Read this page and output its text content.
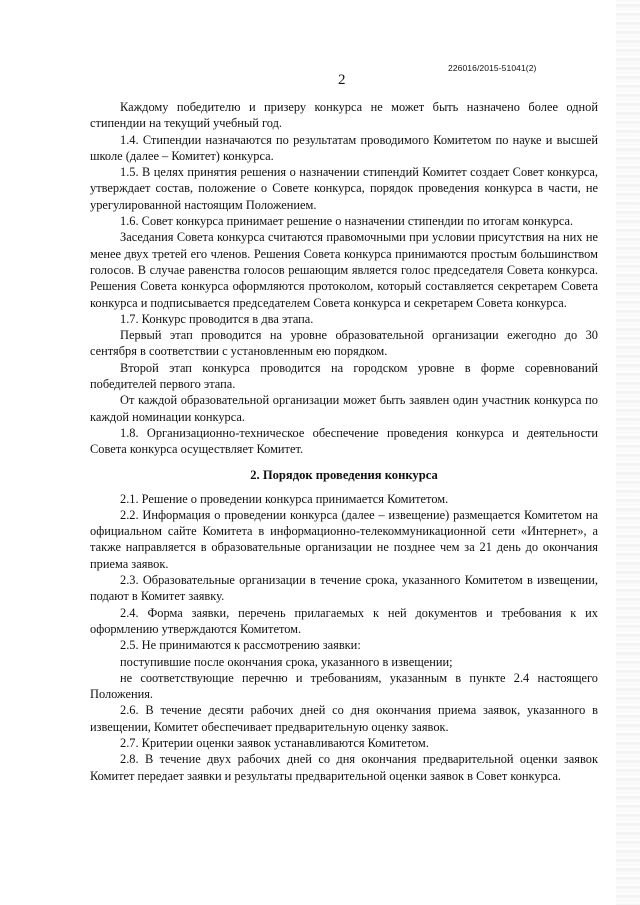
226016/2015-51041(2)
2

Каждому победителю и призеру конкурса не может быть назначено более одной стипендии на текущий учебный год.

1.4. Стипендии назначаются по результатам проводимого Комитетом по науке и высшей школе (далее – Комитет) конкурса.

1.5. В целях принятия решения о назначении стипендий Комитет создает Совет конкурса, утверждает состав, положение о Совете конкурса, порядок проведения конкурса в части, не урегулированной настоящим Положением.

1.6. Совет конкурса принимает решение о назначении стипендии по итогам конкурса.

Заседания Совета конкурса считаются правомочными при условии присутствия на них не менее двух третей его членов. Решения Совета конкурса принимаются простым большинством голосов. В случае равенства голосов решающим является голос председателя Совета конкурса. Решения Совета конкурса оформляются протоколом, который составляется секретарем Совета конкурса и подписывается председателем Совета конкурса и секретарем Совета конкурса.

1.7. Конкурс проводится в два этапа.

Первый этап проводится на уровне образовательной организации ежегодно до 30 сентября в соответствии с установленным ею порядком.

Второй этап конкурса проводится на городском уровне в форме соревнований победителей первого этапа.

От каждой образовательной организации может быть заявлен один участник конкурса по каждой номинации конкурса.

1.8. Организационно-техническое обеспечение проведения конкурса и деятельности Совета конкурса осуществляет Комитет.

2. Порядок проведения конкурса

2.1. Решение о проведении конкурса принимается Комитетом.

2.2. Информация о проведении конкурса (далее – извещение) размещается Комитетом на официальном сайте Комитета в информационно-телекоммуникационной сети «Интернет», а также направляется в образовательные организации не позднее чем за 21 день до окончания приема заявок.

2.3. Образовательные организации в течение срока, указанного Комитетом в извещении, подают в Комитет заявку.

2.4. Форма заявки, перечень прилагаемых к ней документов и требования к их оформлению утверждаются Комитетом.

2.5. Не принимаются к рассмотрению заявки:

поступившие после окончания срока, указанного в извещении;

не соответствующие перечню и требованиям, указанным в пункте 2.4 настоящего Положения.

2.6. В течение десяти рабочих дней со дня окончания приема заявок, указанного в извещении, Комитет обеспечивает предварительную оценку заявок.

2.7. Критерии оценки заявок устанавливаются Комитетом.

2.8. В течение двух рабочих дней со дня окончания предварительной оценки заявок Комитет передает заявки и результаты предварительной оценки заявок в Совет конкурса.
